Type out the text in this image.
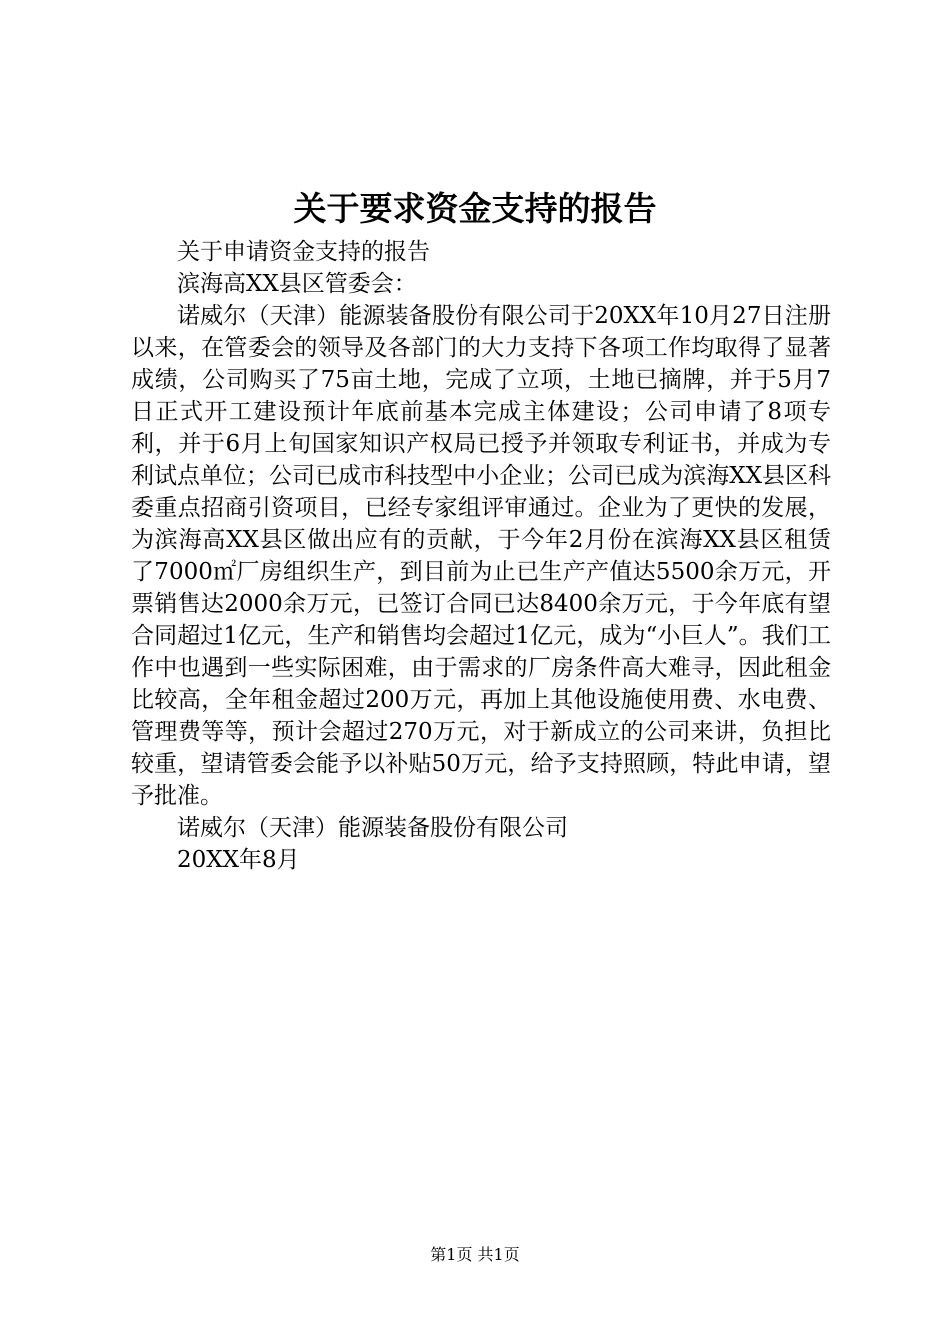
关于要求资金支持的报告

关于申请资金支持的报告

滨海高XX县区管委会：

诺威尔（天津）能源装备股份有限公司于20XX年10月27日注册以来，在管委会的领导及各部门的大力支持下各项工作均取得了显著成绩，公司购买了75亩土地，完成了立项，土地已摘牌，并于5月7日正式开工建设预计年底前基本完成主体建设；公司申请了8项专利，并于6月上旬国家知识产权局已授予并领取专利证书，并成为专利试点单位；公司已成市科技型中小企业；公司已成为滨海XX县区科委重点招商引资项目，已经专家组评审通过。企业为了更快的发展，为滨海高XX县区做出应有的贡献，于今年2月份在滨海XX县区租赁了7000㎡厂房组织生产，到目前为止已生产产值达5500余万元，开票销售达2000余万元，已签订合同已达8400余万元，于今年底有望合同超过1亿元，生产和销售均会超过1亿元，成为“小巨人”。我们工作中也遇到一些实际困难，由于需求的厂房条件高大难寻，因此租金比较高，全年租金超过200万元，再加上其他设施使用费、水电费、管理费等等，预计会超过270万元，对于新成立的公司来讲，负担比较重，望请管委会能予以补贴50万元，给予支持照顾，特此申请，望予批准。

诺威尔（天津）能源装备股份有限公司

20XX年8月

第1页 共1页
